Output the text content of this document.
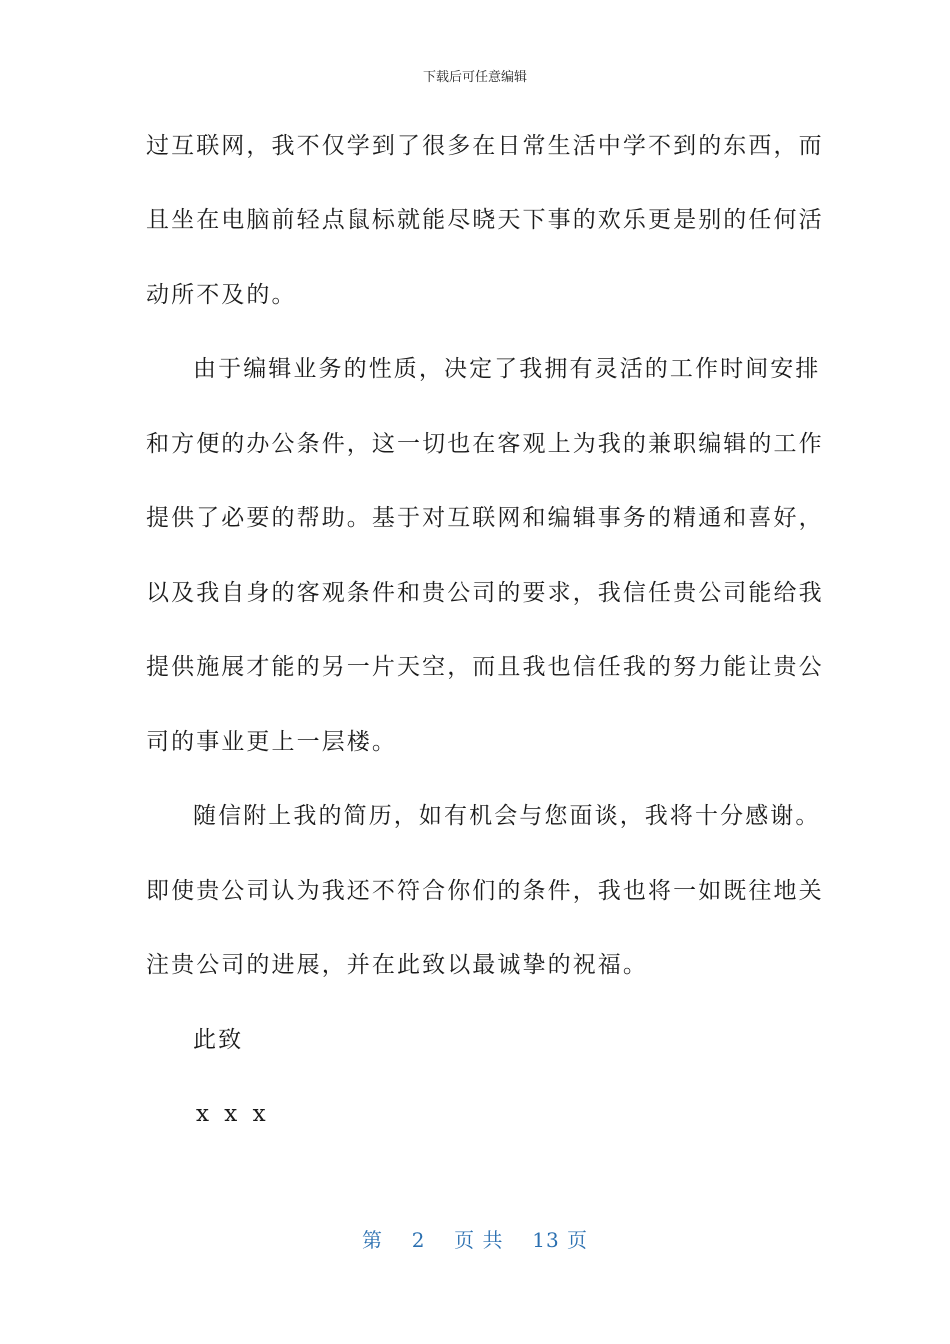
下载后可任意编辑
过互联网，我不仅学到了很多在日常生活中学不到的东西，而
且坐在电脑前轻点鼠标就能尽晓天下事的欢乐更是别的任何活
动所不及的。
由于编辑业务的性质，决定了我拥有灵活的工作时间安排
和方便的办公条件，这一切也在客观上为我的兼职编辑的工作
提供了必要的帮助。基于对互联网和编辑事务的精通和喜好，
以及我自身的客观条件和贵公司的要求，我信任贵公司能给我
提供施展才能的另一片天空，而且我也信任我的努力能让贵公
司的事业更上一层楼。
随信附上我的简历，如有机会与您面谈，我将十分感谢。
即使贵公司认为我还不符合你们的条件，我也将一如既往地关
注贵公司的进展，并在此致以最诚挚的祝福。
此致
x x x
第 2 页 共 13 页
